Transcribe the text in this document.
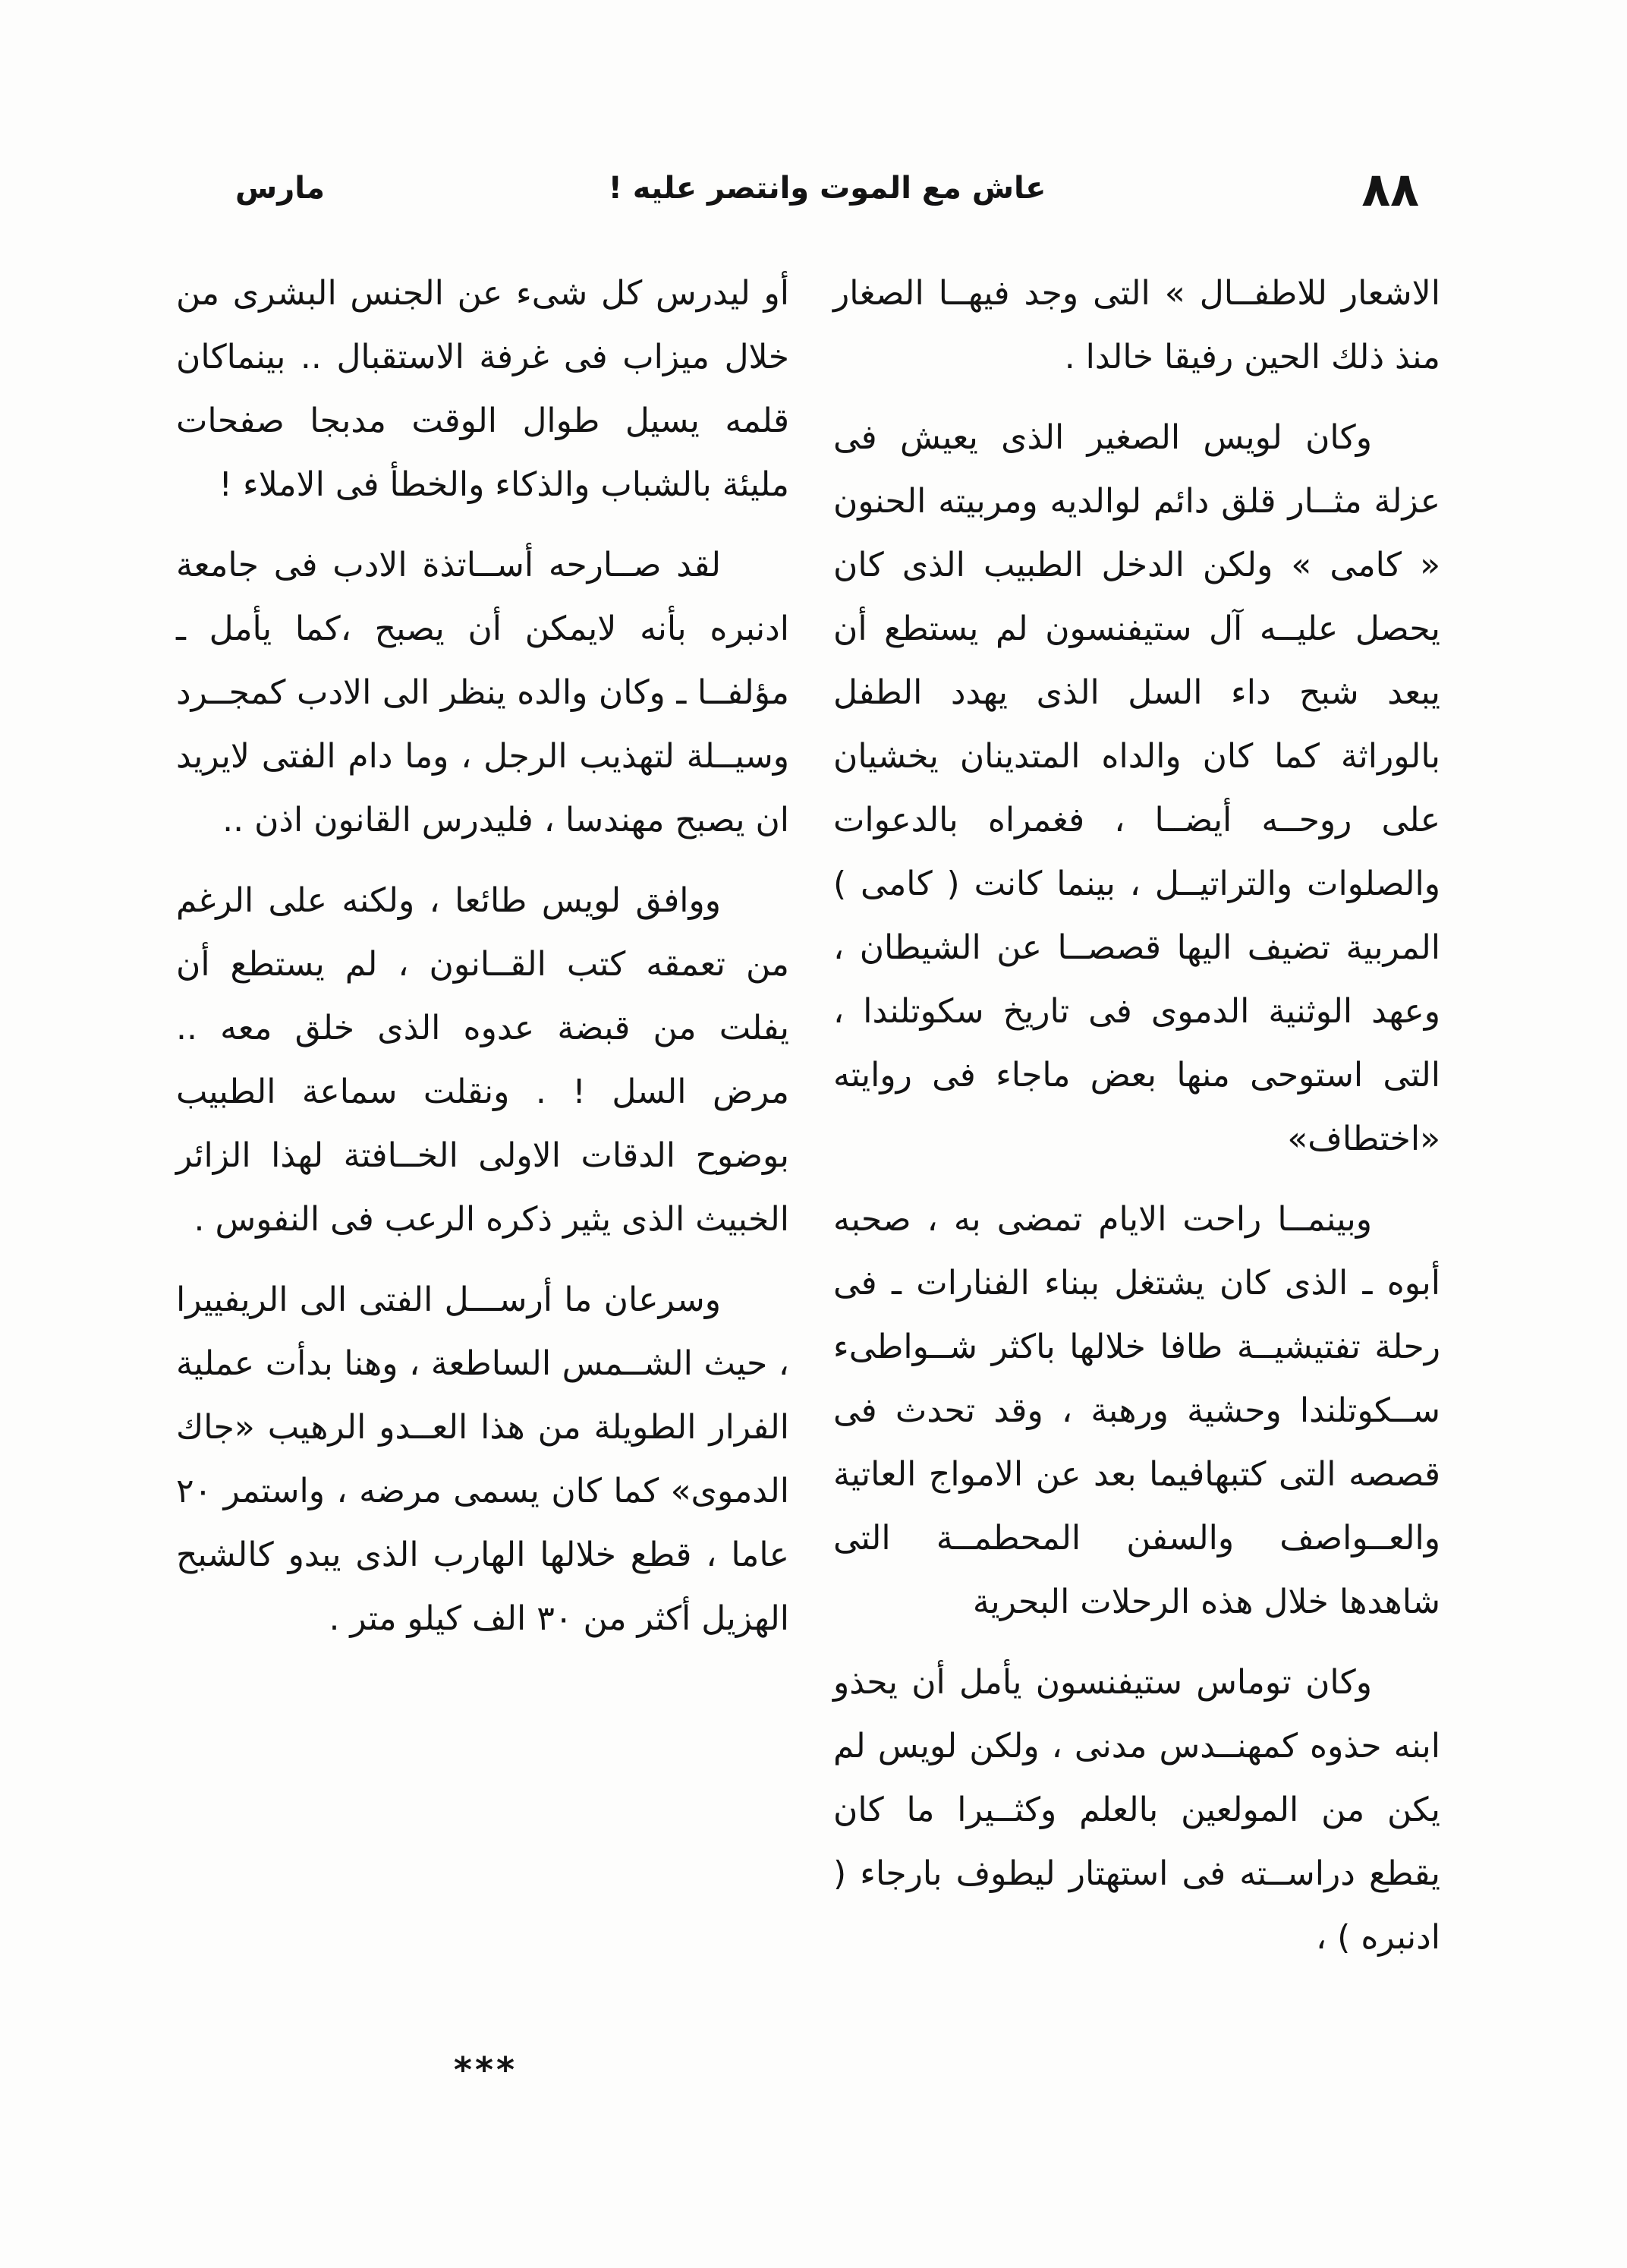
٨٨
عاش مع الموت وانتصر عليه !
مارس

الاشعار للاطفــال » التى وجد فيهــا الصغار منذ ذلك الحين رفيقا خالدا .

وكان لويس الصغير الذى يعيش فى عزلة مثــار قلق دائم لوالديه ومربيته الحنون « كامى » ولكن الدخل الطبيب الذى كان يحصل عليــه آل ستيفنسون لم يستطع أن يبعد شبح داء السل الذى يهدد الطفل بالوراثة كما كان والداه المتدينان يخشيان على روحــه أيضــا ، فغمراه بالدعوات والصلوات والتراتيــل ، بينما كانت ( كامى ) المربية تضيف اليها قصصــا عن الشيطان ، وعهد الوثنية الدموى فى تاريخ سكوتلندا ، التى استوحى منها بعض ماجاء فى روايته «اختطاف»

وبينمــا راحت الايام تمضى به ، صحبه أبوه ـ الذى كان يشتغل ببناء الفنارات ـ فى رحلة تفتيشيــة طافا خلالها باكثر شــواطىء ســكوتلندا وحشية ورهبة ، وقد تحدث فى قصصه التى كتبهافيما بعد عن الامواج العاتية والعــواصف والسفن المحطمــة التى شاهدها خلال هذه الرحلات البحرية

وكان توماس ستيفنسون يأمل أن يحذو ابنه حذوه كمهنــدس مدنى ، ولكن لويس لم يكن من المولعين بالعلم وكثــيرا ما كان يقطع دراســته فى استهتار ليطوف بارجاء ( ادنبره ) ،

أو ليدرس كل شىء عن الجنس البشرى من خلال ميزاب فى غرفة الاستقبال .. بينماكان قلمه يسيل طوال الوقت مدبجا صفحات مليئة بالشباب والذكاء والخطأ فى الاملاء !

لقد صــارحه أســاتذة الادب فى جامعة ادنبره بأنه لايمكن أن يصبح ،كما يأمل ـ مؤلفــا ـ وكان والده ينظر الى الادب كمجــرد وسيــلة لتهذيب الرجل ، وما دام الفتى لايريد ان يصبح مهندسا ، فليدرس القانون اذن ..

ووافق لويس طائعا ، ولكنه على الرغم من تعمقه كتب القــانون ، لم يستطع أن يفلت من قبضة عدوه الذى خلق معه .. مرض السل ! . ونقلت سماعة الطبيب بوضوح الدقات الاولى الخــافتة لهذا الزائر الخبيث الذى يثير ذكره الرعب فى النفوس .

وسرعان ما أرســـل الفتى الى الريفييرا ، حيث الشــمس الساطعة ، وهنا بدأت عملية الفرار الطويلة من هذا العــدو الرهيب «جاك الدموى» كما كان يسمى مرضه ، واستمر ٢٠ عاما ، قطع خلالها الهارب الذى يبدو كالشبح الهزيل أكثر من ٣٠ الف كيلو متر .

***
